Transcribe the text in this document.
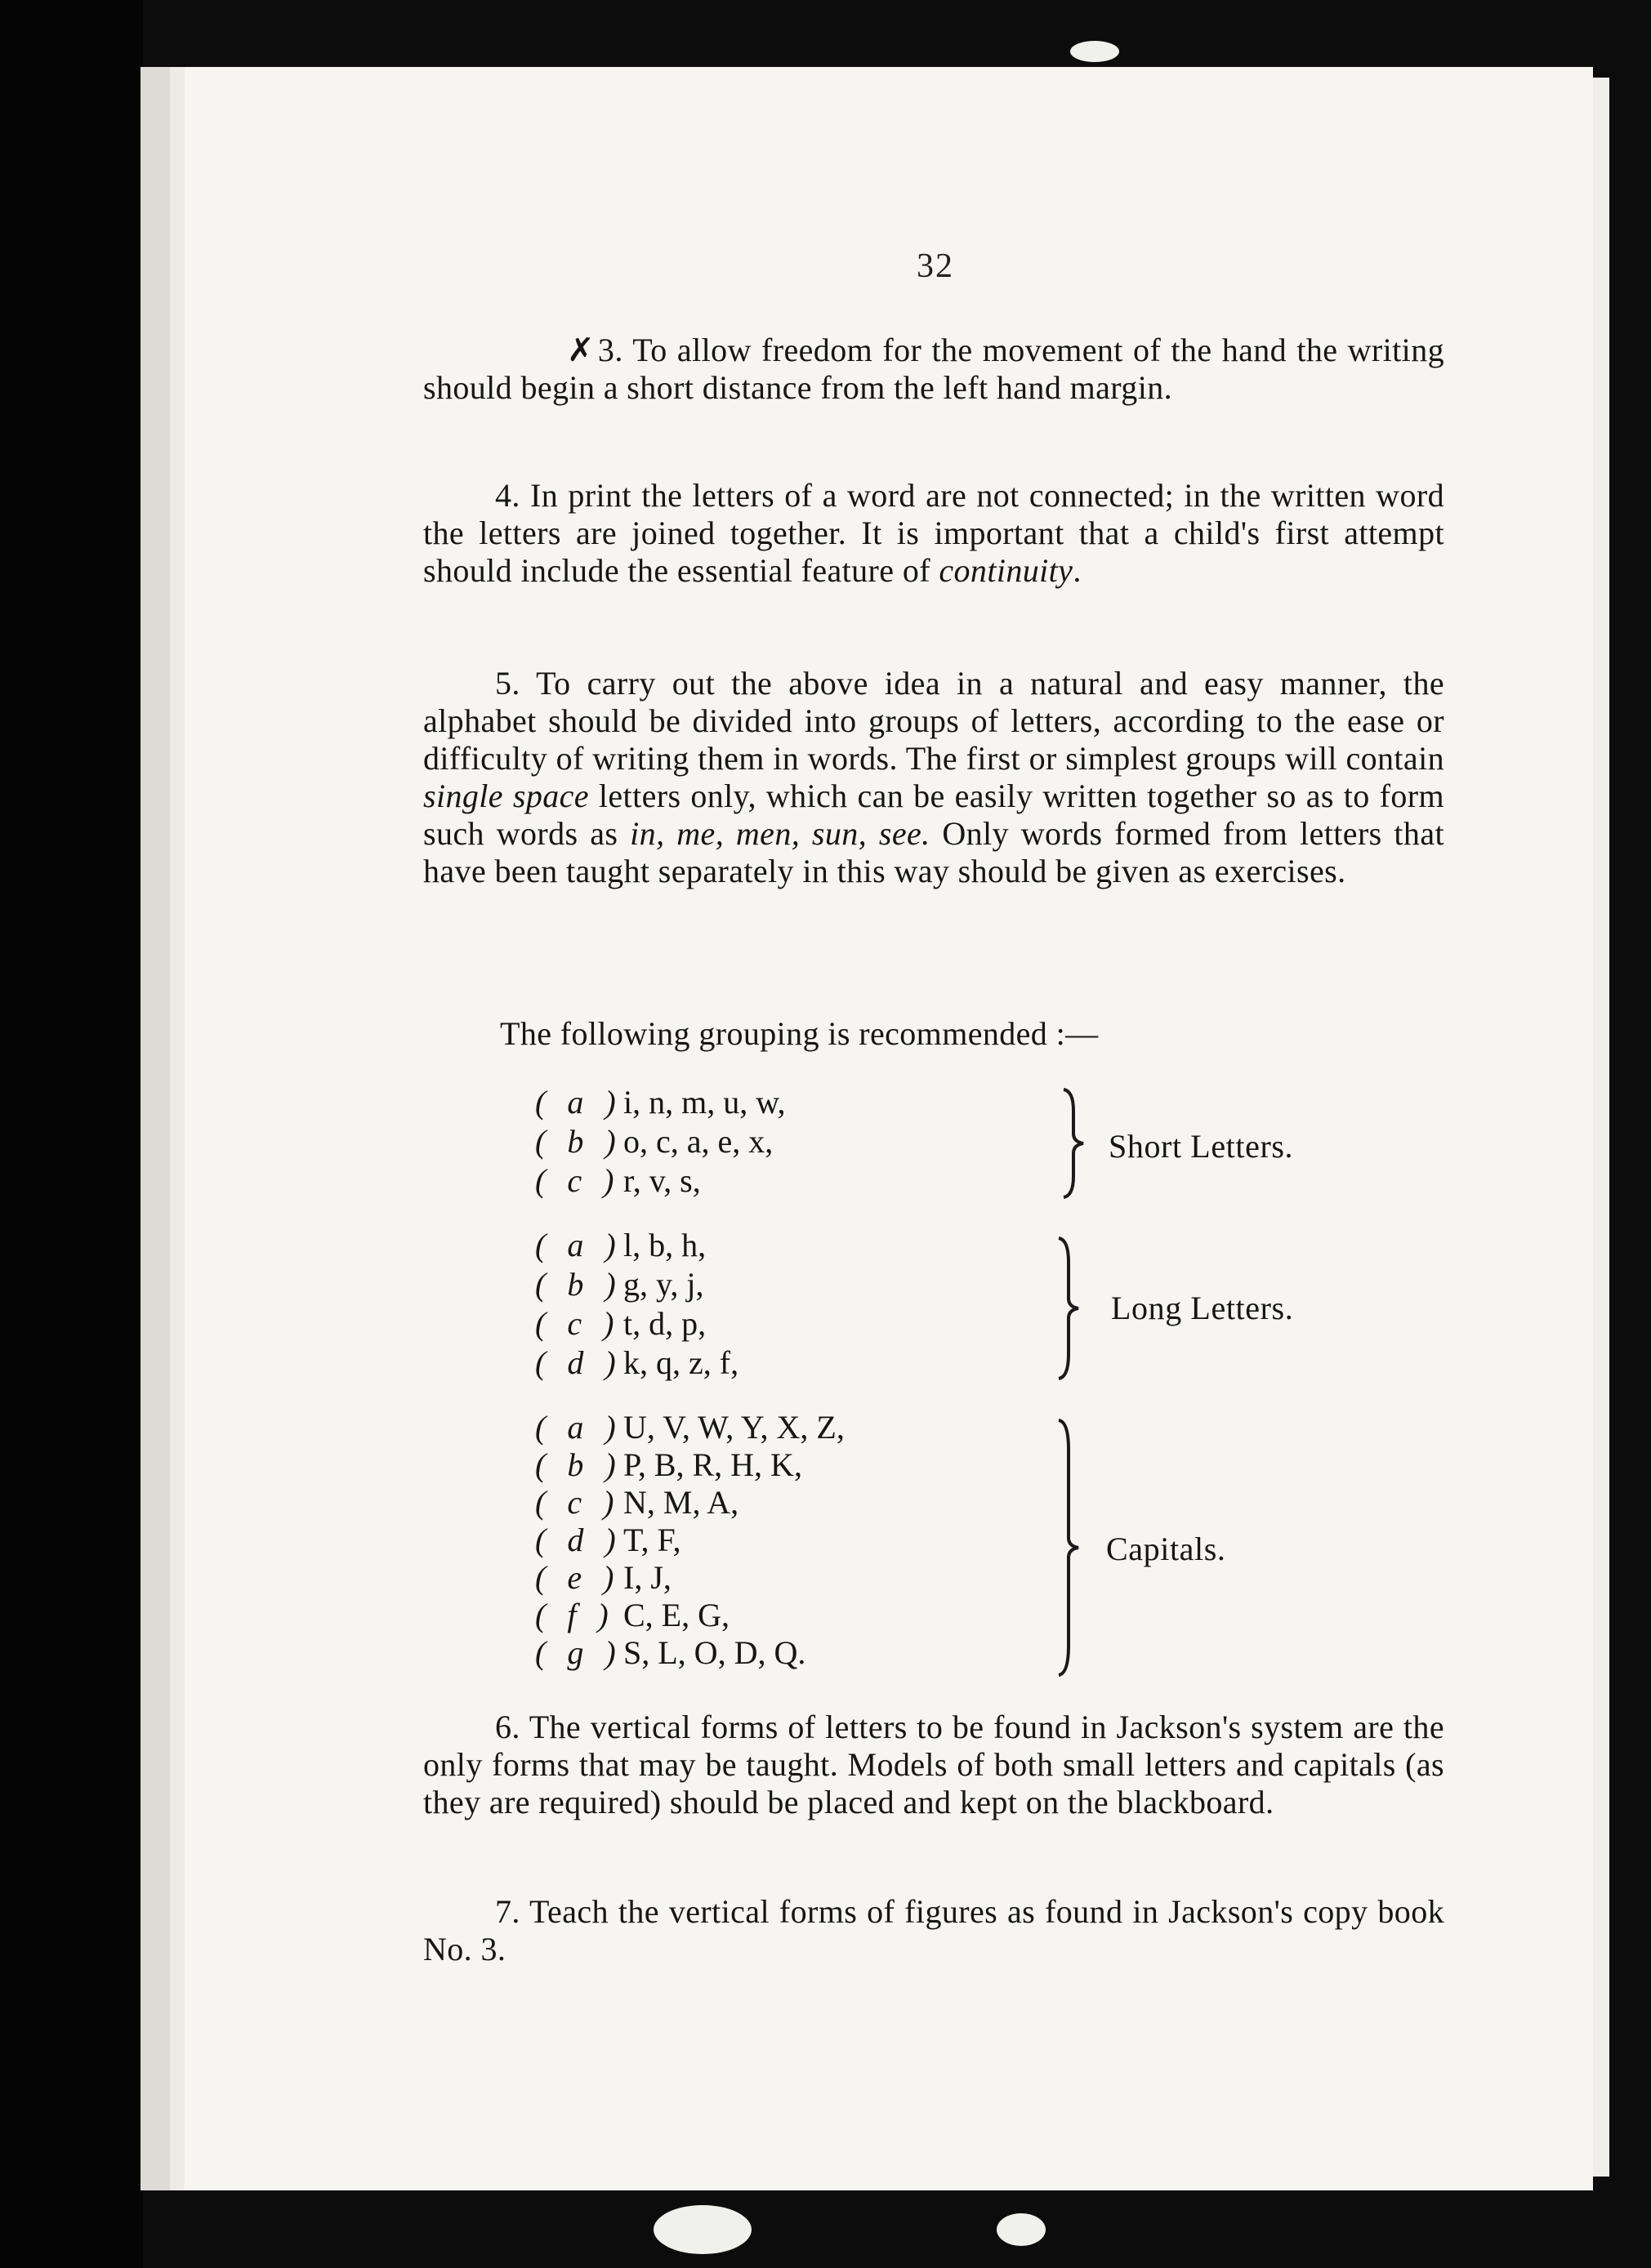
32

✗ 3. To allow freedom for the movement of the hand the writing should begin a short distance from the left hand margin.

4. In print the letters of a word are not connected; in the written word the letters are joined together. It is important that a child's first attempt should include the essential feature of continuity.

5. To carry out the above idea in a natural and easy manner, the alphabet should be divided into groups of letters, according to the ease or difficulty of writing them in words. The first or simplest groups will contain single space letters only, which can be easily written together so as to form such words as in, me, men, sun, see. Only words formed from letters that have been taught separately in this way should be given as exercises.

The following grouping is recommended :—

( a )i, n, m, u, w,
( b )o, c, a, e, x,
( c )r, v, s,
Short Letters.
( a )l, b, h,
( b )g, y, j,
( c )t, d, p,
( d )k, q, z, f,
Long Letters.
( a )U, V, W, Y, X, Z,
( b )P, B, R, H, K,
( c )N, M, A,
( d )T, F,
( e )I, J,
( f ) C, E, G,
( g )S, L, O, D, Q.
Capitals.

6. The vertical forms of letters to be found in Jackson's system are the only forms that may be taught. Models of both small letters and capitals (as they are required) should be placed and kept on the blackboard.

7. Teach the vertical forms of figures as found in Jackson's copy book No. 3.
